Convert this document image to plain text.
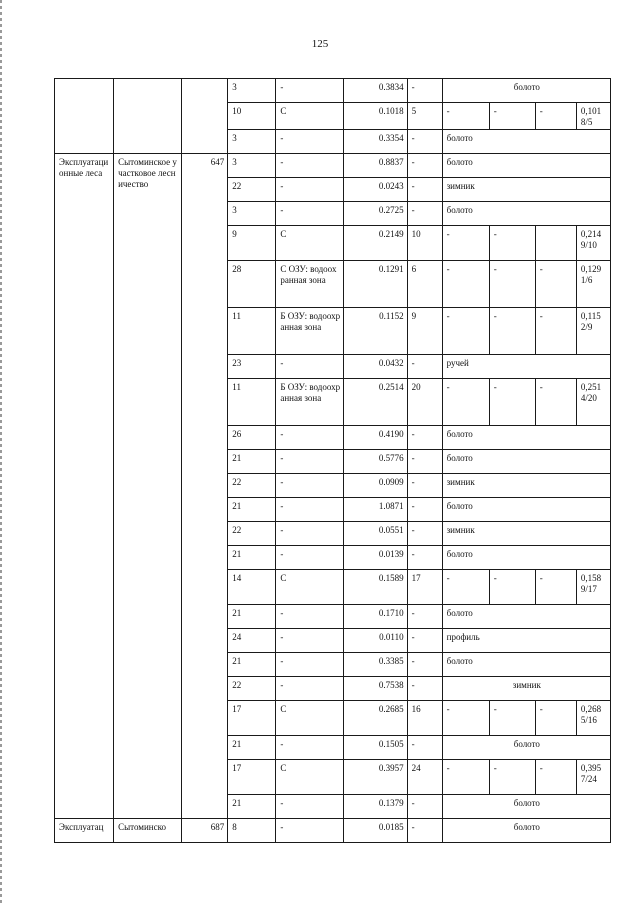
125
			3	-	0.3834	-	болото			
			10	С	0.1018	5	-	-	-	0,1018/5
			3	-	0.3354	-	болото			
Эксплуатационные леса	Сытоминское участковое лесничество	647	3	-	0.8837	-	болото			
			22	-	0.0243	-	зимник			
			3	-	0.2725	-	болото			
			9	С	0.2149	10	-	-		0,2149/10
			28	С ОЗУ: водоохранная зона	0.1291	6	-	-	-	0,1291/6
			11	Б ОЗУ: водоохранная зона	0.1152	9	-	-	-	0,1152/9
			23	-	0.0432	-	ручей			
			11	Б ОЗУ: водоохранная зона	0.2514	20	-	-	-	0,2514/20
			26	-	0.4190	-	болото			
			21	-	0.5776	-	болото			
			22	-	0.0909	-	зимник			
			21	-	1.0871	-	болото			
			22	-	0.0551	-	зимник			
			21	-	0.0139	-	болото			
			14	С	0.1589	17	-	-	-	0,1589/17
			21	-	0.1710	-	болото			
			24	-	0.0110	-	профиль			
			21	-	0.3385	-	болото			
			22	-	0.7538	-	зимник			
			17	С	0.2685	16	-	-	-	0,2685/16
			21	-	0.1505	-	болото			
			17	С	0.3957	24	-	-	-	0,3957/24
			21	-	0.1379	-	болото			
Эксплуатац	Сытоминско	687	8	-	0.0185	-	болото			
